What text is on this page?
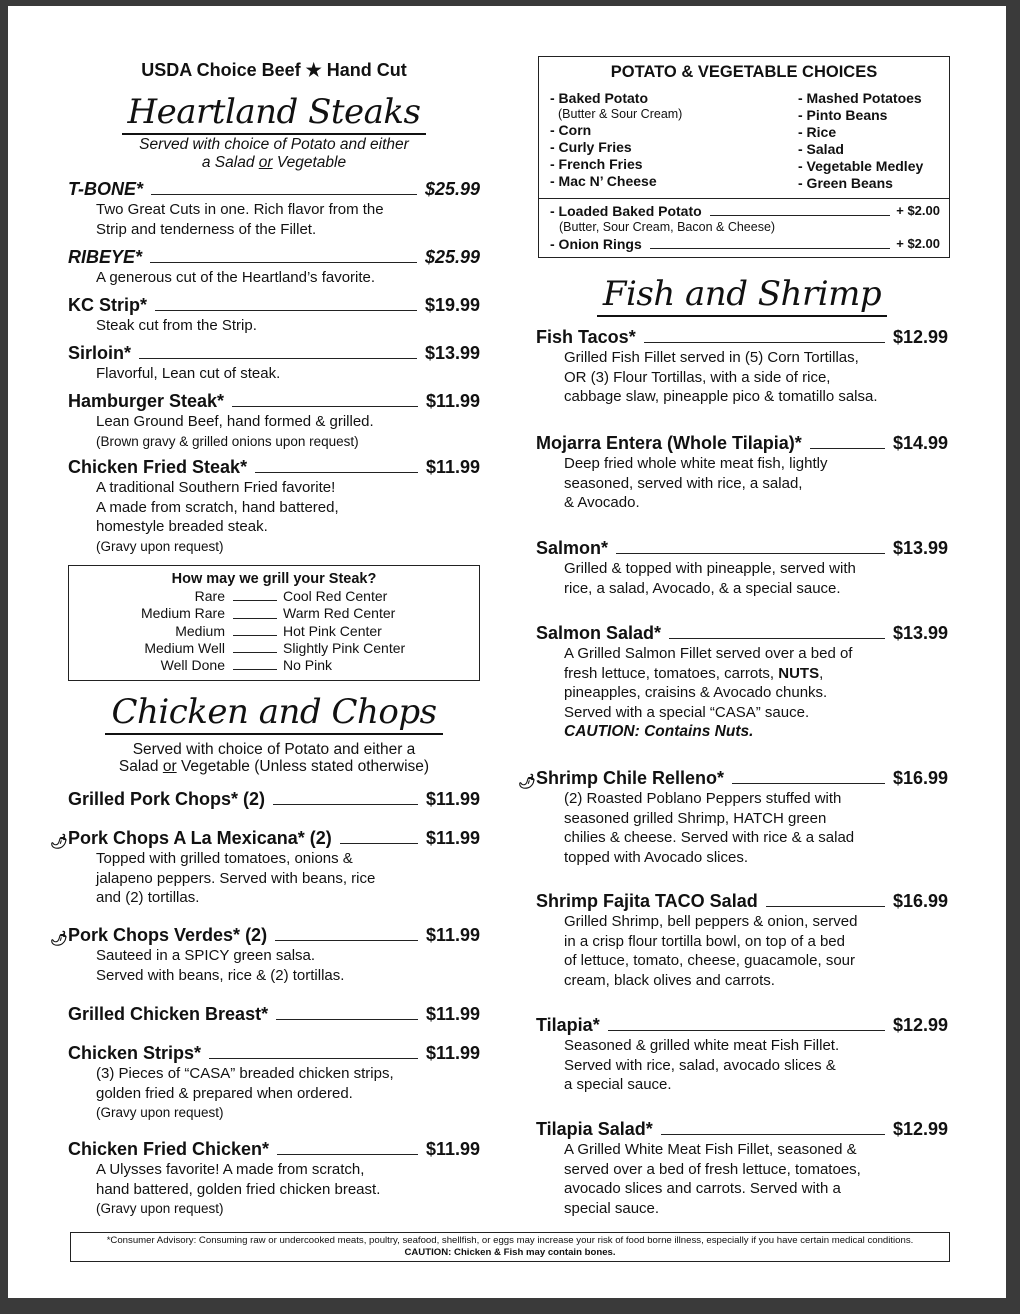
USDA Choice Beef ★ Hand Cut
Heartland Steaks
Served with choice of Potato and either
a Salad or Vegetable
T-BONE*	$25.99
Two Great Cuts in one. Rich flavor from the
Strip and tenderness of the Fillet.
RIBEYE*	$25.99
A generous cut of the Heartland’s favorite.
KC Strip*	$19.99
Steak cut from the Strip.
Sirloin*	$13.99
Flavorful, Lean cut of steak.
Hamburger Steak*	$11.99
Lean Ground Beef, hand formed & grilled.
(Brown gravy & grilled onions upon request)
Chicken Fried Steak*	$11.99
A traditional Southern Fried favorite!
A made from scratch, hand battered,
homestyle breaded steak.
(Gravy upon request)
How may we grill your Steak?
Rare	Cool Red Center
Medium Rare	Warm Red Center
Medium	Hot Pink Center
Medium Well	Slightly Pink Center
Well Done	No Pink
Chicken and Chops
Served with choice of Potato and either a
Salad or Vegetable (Unless stated otherwise)
Grilled Pork Chops* (2)	$11.99
🌶 Pork Chops A La Mexicana* (2)	$11.99
Topped with grilled tomatoes, onions &
jalapeno peppers. Served with beans, rice
and (2) tortillas.
🌶 Pork Chops Verdes* (2)	$11.99
Sauteed in a SPICY green salsa.
Served with beans, rice & (2) tortillas.
Grilled Chicken Breast*	$11.99
Chicken Strips*	$11.99
(3) Pieces of “CASA” breaded chicken strips,
golden fried & prepared when ordered.
(Gravy upon request)
Chicken Fried Chicken*	$11.99
A Ulysses favorite! A made from scratch,
hand battered, golden fried chicken breast.
(Gravy upon request)
POTATO & VEGETABLE CHOICES
- Baked Potato
(Butter & Sour Cream)
- Corn
- Curly Fries
- French Fries
- Mac N’ Cheese
- Mashed Potatoes
- Pinto Beans
- Rice
- Salad
- Vegetable Medley
- Green Beans
- Loaded Baked Potato	+ $2.00
(Butter, Sour Cream, Bacon & Cheese)
- Onion Rings	+ $2.00
Fish and Shrimp
Fish Tacos*	$12.99
Grilled Fish Fillet served in (5) Corn Tortillas,
OR (3) Flour Tortillas, with a side of rice,
cabbage slaw, pineapple pico & tomatillo salsa.
Mojarra Entera (Whole Tilapia)*	$14.99
Deep fried whole white meat fish, lightly
seasoned, served with rice, a salad,
& Avocado.
Salmon*	$13.99
Grilled & topped with pineapple, served with
rice, a salad, Avocado, & a special sauce.
Salmon Salad*	$13.99
A Grilled Salmon Fillet served over a bed of
fresh lettuce, tomatoes, carrots, NUTS,
pineapples, craisins & Avocado chunks.
Served with a special “CASA” sauce.
CAUTION: Contains Nuts.
🌶 Shrimp Chile Relleno*	$16.99
(2) Roasted Poblano Peppers stuffed with
seasoned grilled Shrimp, HATCH green
chilies & cheese. Served with rice & a salad
topped with Avocado slices.
Shrimp Fajita TACO Salad	$16.99
Grilled Shrimp, bell peppers & onion, served
in a crisp flour tortilla bowl, on top of a bed
of lettuce, tomato, cheese, guacamole, sour
cream, black olives and carrots.
Tilapia*	$12.99
Seasoned & grilled white meat Fish Fillet.
Served with rice, salad, avocado slices &
a special sauce.
Tilapia Salad*	$12.99
A Grilled White Meat Fish Fillet, seasoned &
served over a bed of fresh lettuce, tomatoes,
avocado slices and carrots. Served with a
special sauce.
*Consumer Advisory: Consuming raw or undercooked meats, poultry, seafood, shellfish, or eggs may increase your risk of food borne illness, especially if you have certain medical conditions.
CAUTION: Chicken & Fish may contain bones.
